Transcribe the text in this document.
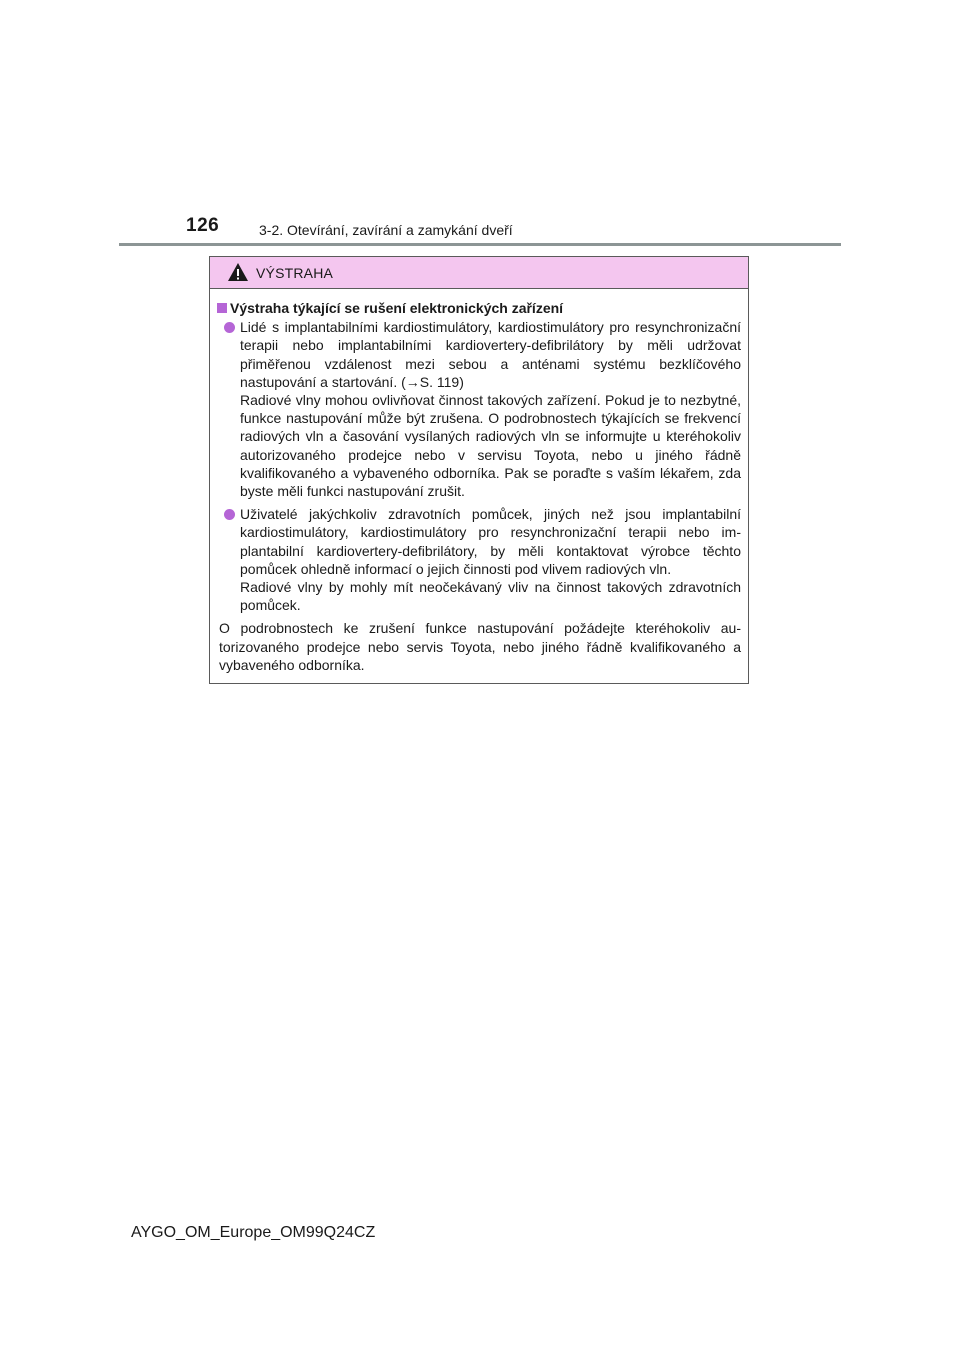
126	3-2. Otevírání, zavírání a zamykání dveří
VÝSTRAHA
Výstraha týkající se rušení elektronických zařízení

Lidé s implantabilními kardiostimulátory, kardiostimulátory pro resynchronizační terapii nebo implantabilními kardiovertery-defibrilátory by měli udržovat přiměřenou vzdálenost mezi sebou a anténami systému bezklíčového nastupování a startování. (→S. 119)

Radiové vlny mohou ovlivňovat činnost takových zařízení. Pokud je to nezbytné, funkce nastupování může být zrušena. O podrobnostech týkajících se frekvencí radiových vln a časování vysílaných radiových vln se informujte u kteréhokoliv autorizovaného prodejce nebo v servisu Toyota, nebo u jiného řádně kvalifikovaného a vybaveného odborníka. Pak se poraďte s vaším lékařem, zda byste měli funkci nastupování zrušit.

Uživatelé jakýchkoliv zdravotních pomůcek, jiných než jsou implantabilní kardiostimulátory, kardiostimulátory pro resynchronizační terapii nebo implantabilní kardiovertery-defibrilátory, by měli kontaktovat výrobce těchto pomůcek ohledně informací o jejich činnosti pod vlivem radiových vln.

Radiové vlny by mohly mít neočekávaný vliv na činnost takových zdravotních pomůcek.

O podrobnostech ke zrušení funkce nastupování požádejte kteréhokoliv autorizovaného prodejce nebo servis Toyota, nebo jiného řádně kvalifikovaného a vybaveného odborníka.

AYGO_OM_Europe_OM99Q24CZ
